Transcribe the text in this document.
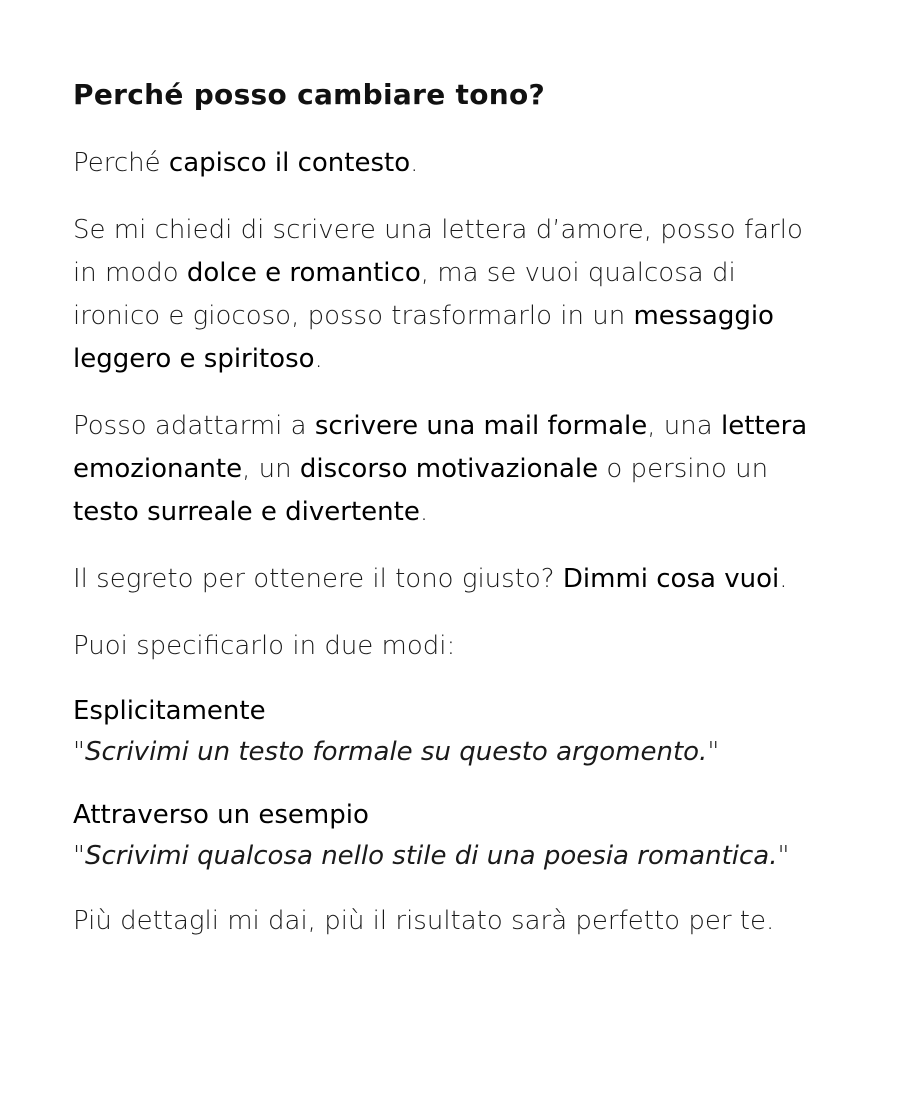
Perché posso cambiare tono?

Perché capisco il contesto.

Se mi chiedi di scrivere una lettera d’amore, posso farlo in modo dolce e romantico, ma se vuoi qualcosa di ironico e giocoso, posso trasformarlo in un messaggio leggero e spiritoso.

Posso adattarmi a scrivere una mail formale, una lettera emozionante, un discorso motivazionale o persino un testo surreale e divertente.

Il segreto per ottenere il tono giusto? Dimmi cosa vuoi.

Puoi specificarlo in due modi:

Esplicitamente
"Scrivimi un testo formale su questo argomento."
Attraverso un esempio
"Scrivimi qualcosa nello stile di una poesia romantica."

Più dettagli mi dai, più il risultato sarà perfetto per te.
